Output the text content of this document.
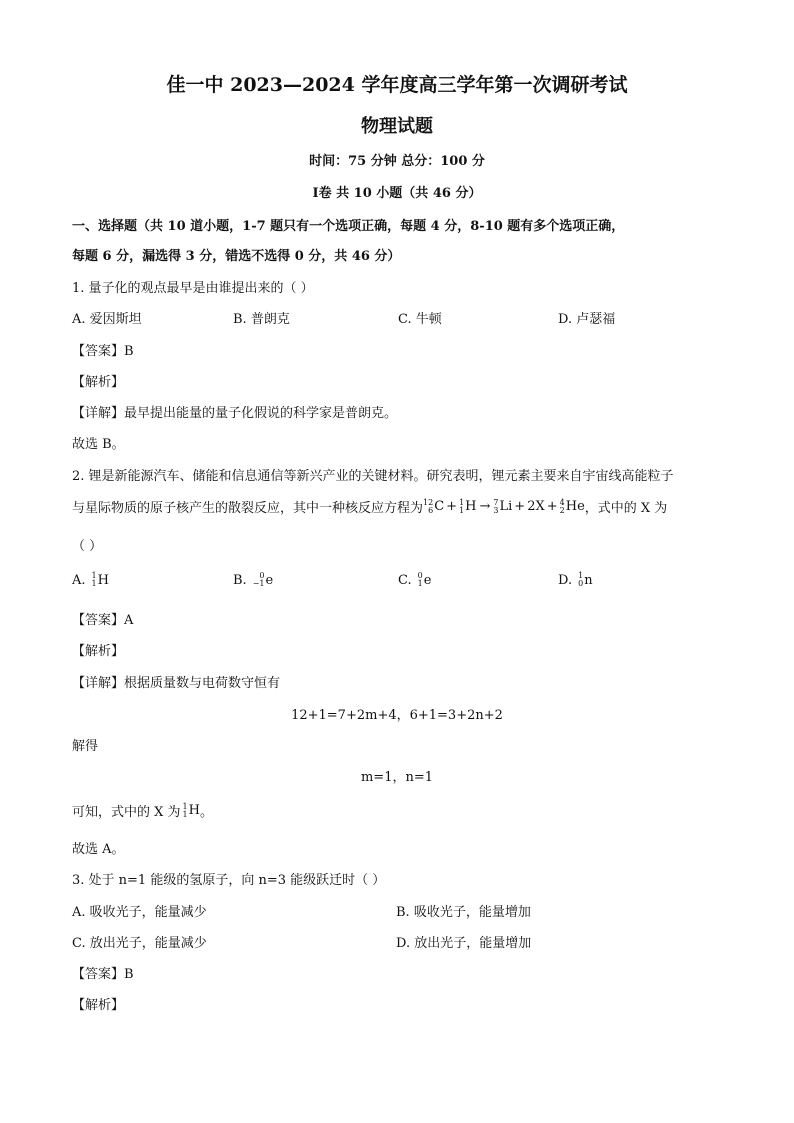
佳一中 2023—2024 学年度高三学年第一次调研考试
物理试题
时间：75 分钟 总分：100 分
Ⅰ卷 共 10 小题（共 46 分）
一、选择题（共 10 道小题，1-7 题只有一个选项正确，每题 4 分，8-10 题有多个选项正确，
每题 6 分，漏选得 3 分，错选不选得 0 分，共 46 分）
1. 量子化的观点最早是由谁提出来的（ ）
A. 爱因斯坦	B. 普朗克	C. 牛顿	D. 卢瑟福
【答案】B
【解析】
【详解】最早提出能量的量子化假说的科学家是普朗克。
故选 B。
2. 锂是新能源汽车、储能和信息通信等新兴产业的关键材料。研究表明，锂元素主要来自宇宙线高能粒子
与星际物质的原子核产生的散裂反应，其中一种核反应方程为 12
6 C + 1
1 H → 7
3 Li + 2X + 4
2 He ，式中的 X 为
（ ）
A. 1
1 H	B.	0
−1 e	C. 0
1 e	D. 1
0 n
【答案】A
【解析】
【详解】根据质量数与电荷数守恒有
12+1=7+2m+4，6+1=3+2n+2
解得
m=1，n=1
可知，式中的 X 为 1
1 H 。
故选 A。
3. 处于 n=1 能级的氢原子，向 n=3 能级跃迁时（ ）
A. 吸收光子，能量减少	B. 吸收光子，能量增加
C. 放出光子，能量减少	D. 放出光子，能量增加
【答案】B
【解析】
